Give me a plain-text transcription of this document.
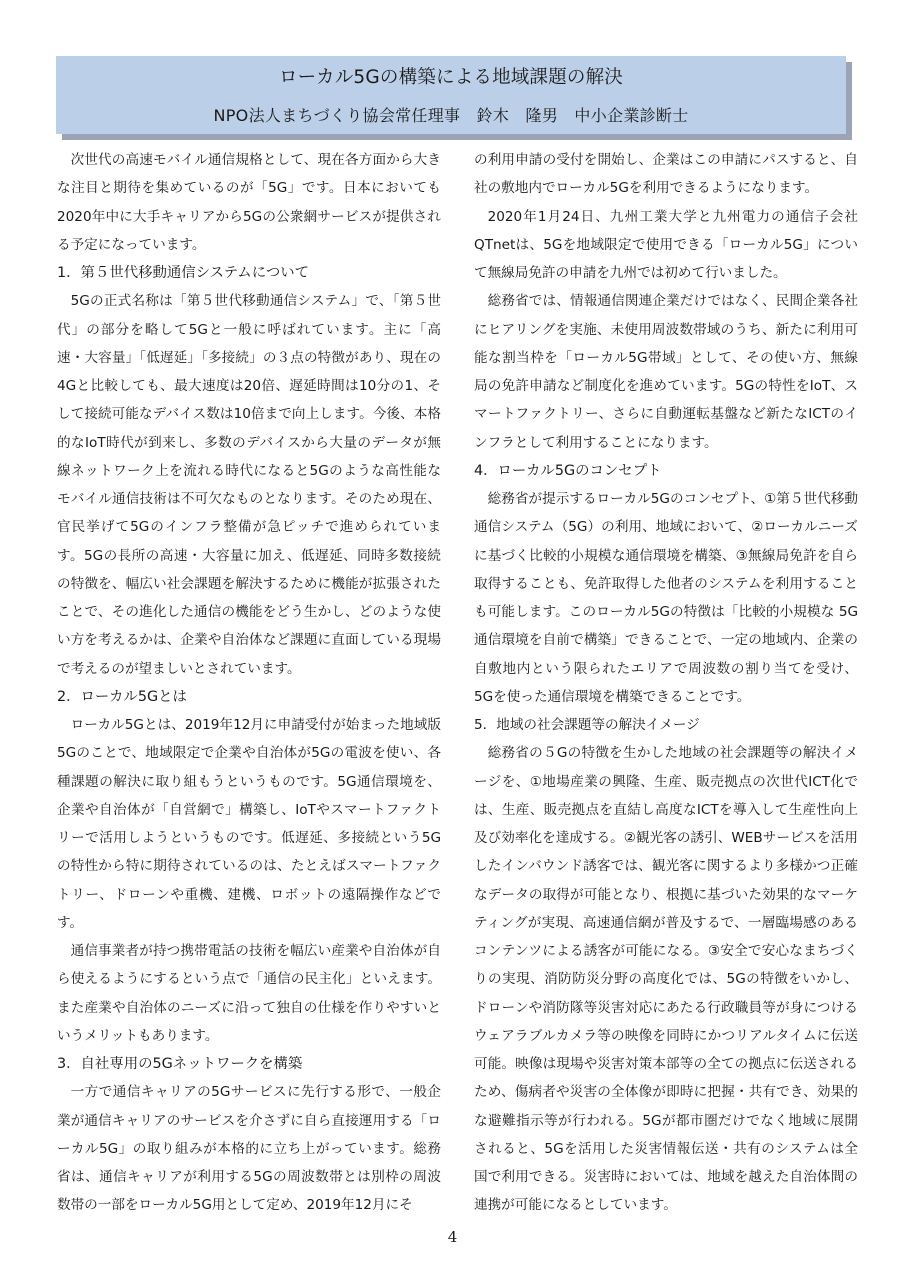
ローカル5Gの構築による地域課題の解決
NPO法人まちづくり協会常任理事　鈴木　隆男　中小企業診断士

次世代の高速モバイル通信規格として、現在各方面から大きな注目と期待を集めているのが「5G」です。日本においても2020年中に大手キャリアから5Gの公衆網サービスが提供される予定になっています。

1．第５世代移動通信システムについて

5Gの正式名称は「第５世代移動通信システム」で、「第５世代」の部分を略して5Gと一般に呼ばれています。主に「高速・大容量」「低遅延」「多接続」の３点の特徴があり、現在の4Gと比較しても、最大速度は20倍、遅延時間は10分の1、そして接続可能なデバイス数は10倍まで向上します。今後、本格的なIoT時代が到来し、多数のデバイスから大量のデータが無線ネットワーク上を流れる時代になると5Gのような高性能なモバイル通信技術は不可欠なものとなります。そのため現在、官民挙げて5Gのインフラ整備が急ピッチで進められています。5Gの長所の高速・大容量に加え、低遅延、同時多数接続の特徴を、幅広い社会課題を解決するために機能が拡張されたことで、その進化した通信の機能をどう生かし、どのような使い方を考えるかは、企業や自治体など課題に直面している現場で考えるのが望ましいとされています。

2．ローカル5Gとは

ローカル5Gとは、2019年12月に申請受付が始まった地域版5Gのことで、地域限定で企業や自治体が5Gの電波を使い、各種課題の解決に取り組もうというものです。5G通信環境を、企業や自治体が「自営網で」構築し、IoTやスマートファクトリーで活用しようというものです。低遅延、多接続という5Gの特性から特に期待されているのは、たとえばスマートファクトリー、ドローンや重機、建機、ロボットの遠隔操作などです。

通信事業者が持つ携帯電話の技術を幅広い産業や自治体が自ら使えるようにするという点で「通信の民主化」といえます。また産業や自治体のニーズに沿って独自の仕様を作りやすいというメリットもあります。

3．自社専用の5Gネットワークを構築

一方で通信キャリアの5Gサービスに先行する形で、一般企業が通信キャリアのサービスを介さずに自ら直接運用する「ローカル5G」の取り組みが本格的に立ち上がっています。総務省は、通信キャリアが利用する5Gの周波数帯とは別枠の周波数帯の一部をローカル5G用として定め、2019年12月にそ

の利用申請の受付を開始し、企業はこの申請にパスすると、自社の敷地内でローカル5Gを利用できるようになります。

2020年1月24日、九州工業大学と九州電力の通信子会社QTnetは、5Gを地域限定で使用できる「ローカル5G」について無線局免許の申請を九州では初めて行いました。

総務省では、情報通信関連企業だけではなく、民間企業各社にヒアリングを実施、未使用周波数帯域のうち、新たに利用可能な割当枠を「ローカル5G帯域」として、その使い方、無線局の免許申請など制度化を進めています。5Gの特性をIoT、スマートファクトリー、さらに自動運転基盤など新たなICTのインフラとして利用することになります。

4．ローカル5Gのコンセプト

総務省が提示するローカル5Gのコンセプト、①第５世代移動通信システム（5G）の利用、地域において、②ローカルニーズに基づく比較的小規模な通信環境を構築、③無線局免許を自ら取得することも、免許取得した他者のシステムを利用することも可能します。このローカル5Gの特徴は「比較的小規模な 5G 通信環境を自前で構築」できることで、一定の地域内、企業の自敷地内という限られたエリアで周波数の割り当てを受け、5Gを使った通信環境を構築できることです。

5．地域の社会課題等の解決イメージ

総務省の５Gの特徴を生かした地域の社会課題等の解決イメージを、①地場産業の興隆、生産、販売拠点の次世代ICT化では、生産、販売拠点を直結し高度なICTを導入して生産性向上及び効率化を達成する。②観光客の誘引、WEBサービスを活用したインバウンド誘客では、観光客に関するより多様かつ正確なデータの取得が可能となり、根拠に基づいた効果的なマーケティングが実現、高速通信網が普及するで、一層臨場感のあるコンテンツによる誘客が可能になる。③安全で安心なまちづくりの実現、消防防災分野の高度化では、5Gの特徴をいかし、ドローンや消防隊等災害対応にあたる行政職員等が身につけるウェアラブルカメラ等の映像を同時にかつリアルタイムに伝送可能。映像は現場や災害対策本部等の全ての拠点に伝送されるため、傷病者や災害の全体像が即時に把握・共有でき、効果的な避難指示等が行われる。5Gが都市圏だけでなく地域に展開されると、5Gを活用した災害情報伝送・共有のシステムは全国で利用できる。災害時においては、地域を越えた自治体間の連携が可能になるとしています。

4
